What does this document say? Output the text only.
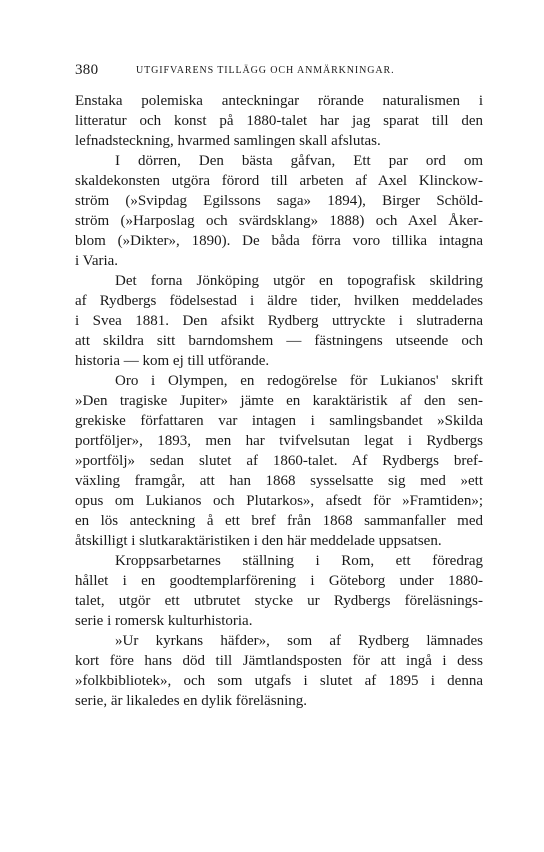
380	UTGIFVARENS TILLÄGG OCH ANMÄRKNINGAR.
Enstaka polemiska anteckningar rörande naturalismen i
litteratur och konst på 1880-talet har jag sparat till den
lefnadsteckning, hvarmed samlingen skall afslutas.
I dörren, Den bästa gåfvan, Ett par ord om
skaldekonsten utgöra förord till arbeten af Axel Klinckow-
ström (»Svipdag Egilssons saga» 1894), Birger Schöld-
ström (»Harposlag och svärdsklang» 1888) och Axel Åker-
blom (»Dikter», 1890). De båda förra voro tillika intagna
i Varia.
Det forna Jönköping utgör en topografisk skildring
af Rydbergs födelsestad i äldre tider, hvilken meddelades
i Svea 1881. Den afsikt Rydberg uttryckte i slutraderna
att skildra sitt barndomshem — fästningens utseende och
historia — kom ej till utförande.
Oro i Olympen, en redogörelse för Lukianos' skrift
»Den tragiske Jupiter» jämte en karaktäristik af den sen-
grekiske författaren var intagen i samlingsbandet »Skilda
portföljer», 1893, men har tvifvelsutan legat i Rydbergs
»portfölj» sedan slutet af 1860-talet. Af Rydbergs bref-
växling framgår, att han 1868 sysselsatte sig med »ett
opus om Lukianos och Plutarkos», afsedt för »Framtiden»;
en lös anteckning å ett bref från 1868 sammanfaller med
åtskilligt i slutkaraktäristiken i den här meddelade uppsatsen.
Kroppsarbetarnes ställning i Rom, ett föredrag
hållet i en goodtemplarförening i Göteborg under 1880-
talet, utgör ett utbrutet stycke ur Rydbergs föreläsnings-
serie i romersk kulturhistoria.
»Ur kyrkans häfder», som af Rydberg lämnades
kort före hans död till Jämtlandsposten för att ingå i dess
»folkbibliotek», och som utgafs i slutet af 1895 i denna
serie, är likaledes en dylik föreläsning.
